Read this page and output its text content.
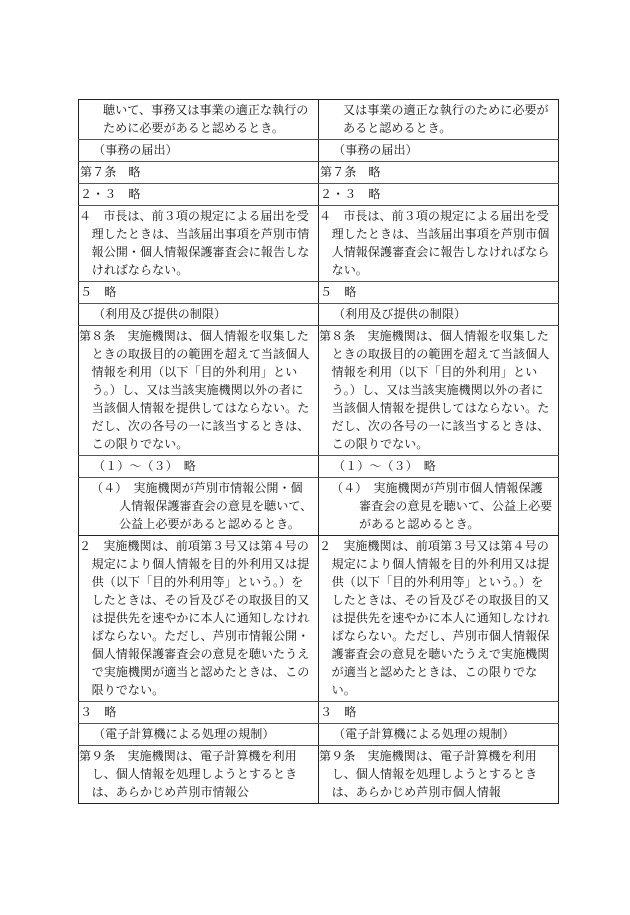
聴いて、事務又は事業の適正な執行のために必要があると認めるとき。	又は事業の適正な執行のために必要があると認めるとき。

（事務の届出）	（事務の届出）

第７条　略	第７条　略

２・３　略	２・３　略

４　市長は、前３項の規定による届出を受理したときは、当該届出事項を芦別市情報公開・個人情報保護審査会に報告しなければならない。	４　市長は、前３項の規定による届出を受理したときは、当該届出事項を芦別市個人情報保護審査会に報告しなければならない。

５　略	５　略

（利用及び提供の制限）	（利用及び提供の制限）

第８条　実施機関は、個人情報を収集したときの取扱目的の範囲を超えて当該個人情報を利用（以下「目的外利用」という。）し、又は当該実施機関以外の者に当該個人情報を提供してはならない。ただし、次の各号の一に該当するときは、この限りでない。	第８条　実施機関は、個人情報を収集したときの取扱目的の範囲を超えて当該個人情報を利用（以下「目的外利用」という。）し、又は当該実施機関以外の者に当該個人情報を提供してはならない。ただし、次の各号の一に該当するときは、この限りでない。

（１）～（３）　略	（１）～（３）　略

（４）　実施機関が芦別市情報公開・個人情報保護審査会の意見を聴いて、公益上必要があると認めるとき。	（４）　実施機関が芦別市個人情報保護審査会の意見を聴いて、公益上必要があると認めるとき。

２　実施機関は、前項第３号又は第４号の規定により個人情報を目的外利用又は提供（以下「目的外利用等」という。）をしたときは、その旨及びその取扱目的又は提供先を速やかに本人に通知しなければならない。ただし、芦別市情報公開・個人情報保護審査会の意見を聴いたうえで実施機関が適当と認めたときは、この限りでない。	２　実施機関は、前項第３号又は第４号の規定により個人情報を目的外利用又は提供（以下「目的外利用等」という。）をしたときは、その旨及びその取扱目的又は提供先を速やかに本人に通知しなければならない。ただし、芦別市個人情報保護審査会の意見を聴いたうえで実施機関が適当と認めたときは、この限りでない。

３　略	３　略

（電子計算機による処理の規制）	（電子計算機による処理の規制）

第９条　実施機関は、電子計算機を利用し、個人情報を処理しようとするときは、あらかじめ芦別市情報公	第９条　実施機関は、電子計算機を利用し、個人情報を処理しようとするときは、あらかじめ芦別市個人情報
